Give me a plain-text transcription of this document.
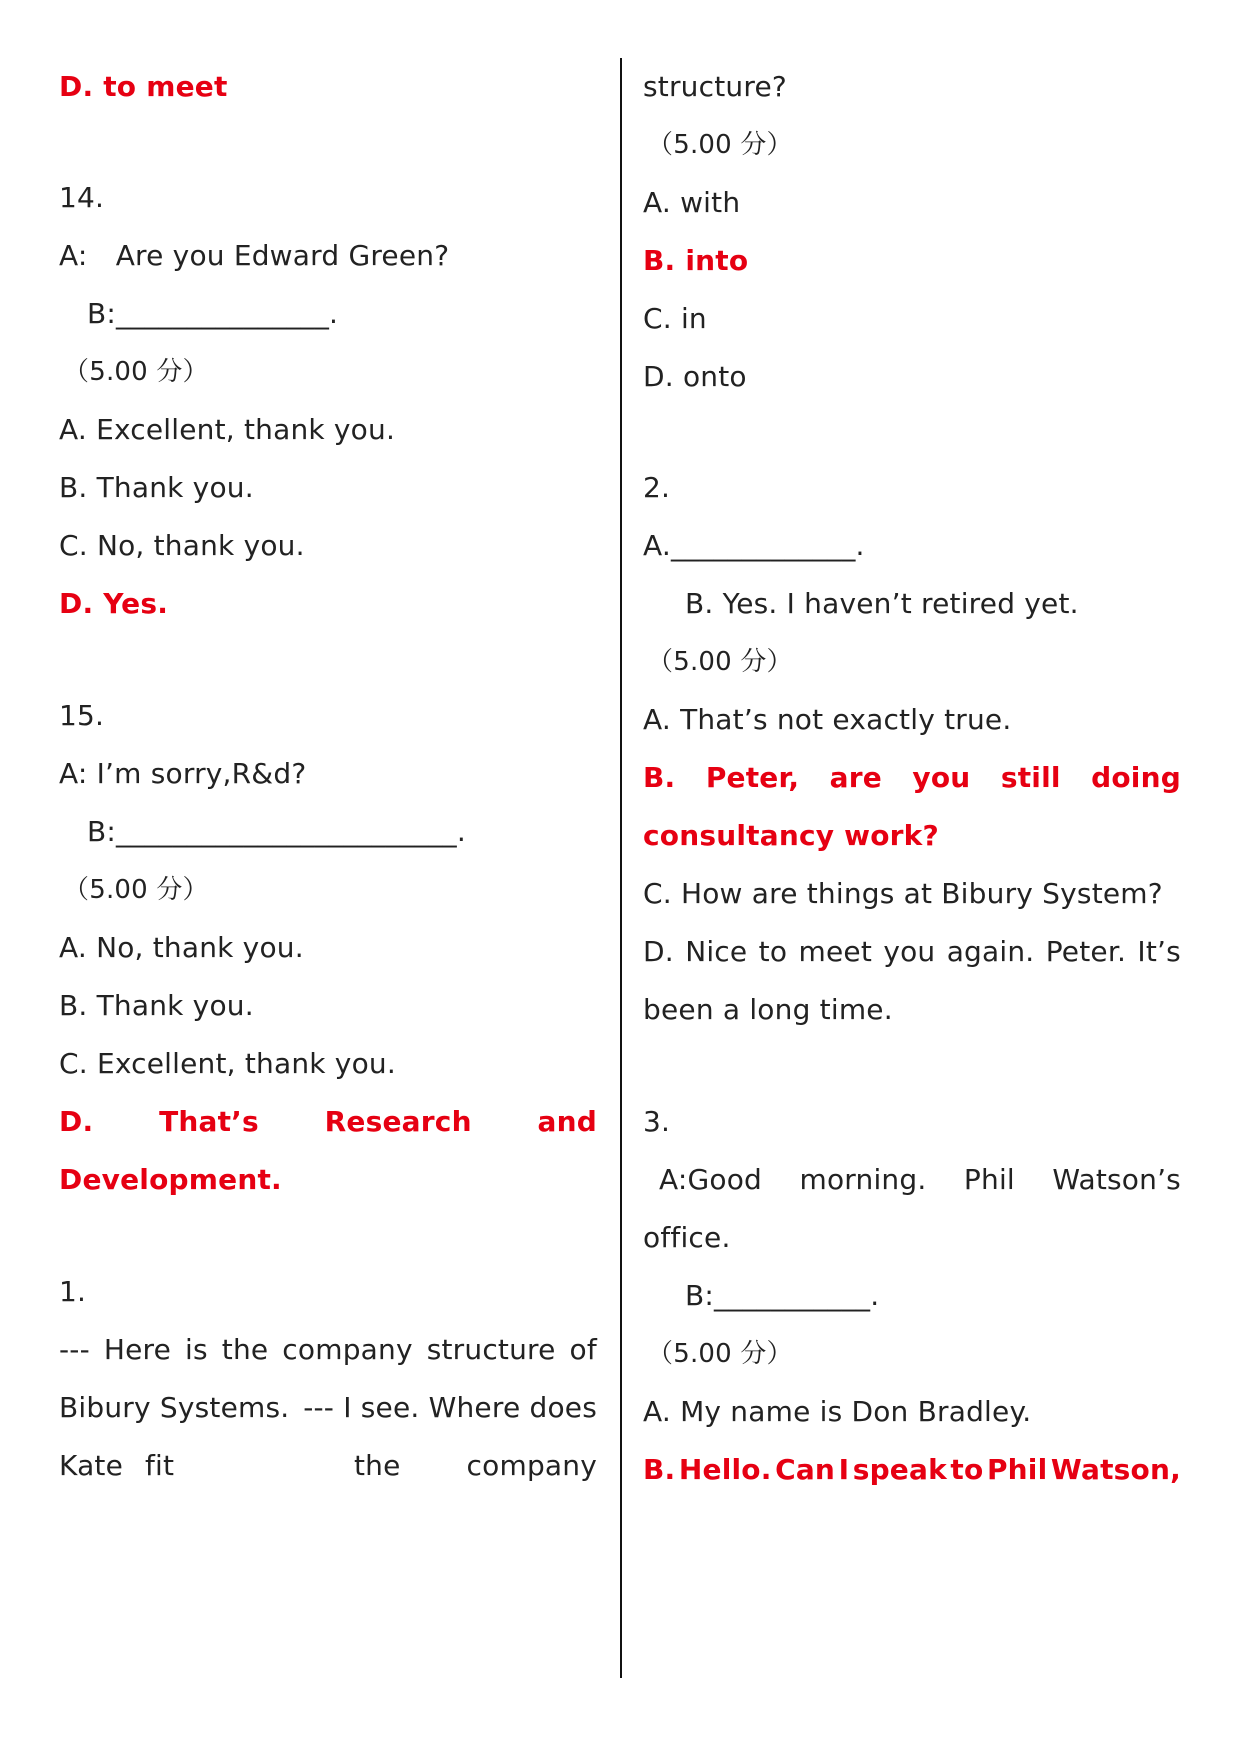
D. to meet
14.
A:　Are you Edward Green?
B:_______________.
（5.00 分）
A. Excellent, thank you.
B. Thank you.
C. No, thank you.
D. Yes.
15.
A: I’m sorry,R&d?
B:________________________.
（5.00 分）
A. No, thank you.
B. Thank you.
C. Excellent, thank you.
D. That’s Research and
Development.
1.
--- Here is the company structure of
Bibury Systems. --- I see. Where does
Kate fit	the company
structure?
（5.00 分）
A. with
B. into
C. in
D. onto
2.
A._____________.
B. Yes. I haven’t retired yet.
（5.00 分）
A. That’s not exactly true.
B. Peter, are you still doing
consultancy work?
C. How are things at Bibury System?
D. Nice to meet you again. Peter. It’s
been a long time.
3.
A:Good morning. Phil Watson’s
office.
B:___________.
（5.00 分）
A. My name is Don Bradley.
B. Hello. Can I speak to Phil Watson,
